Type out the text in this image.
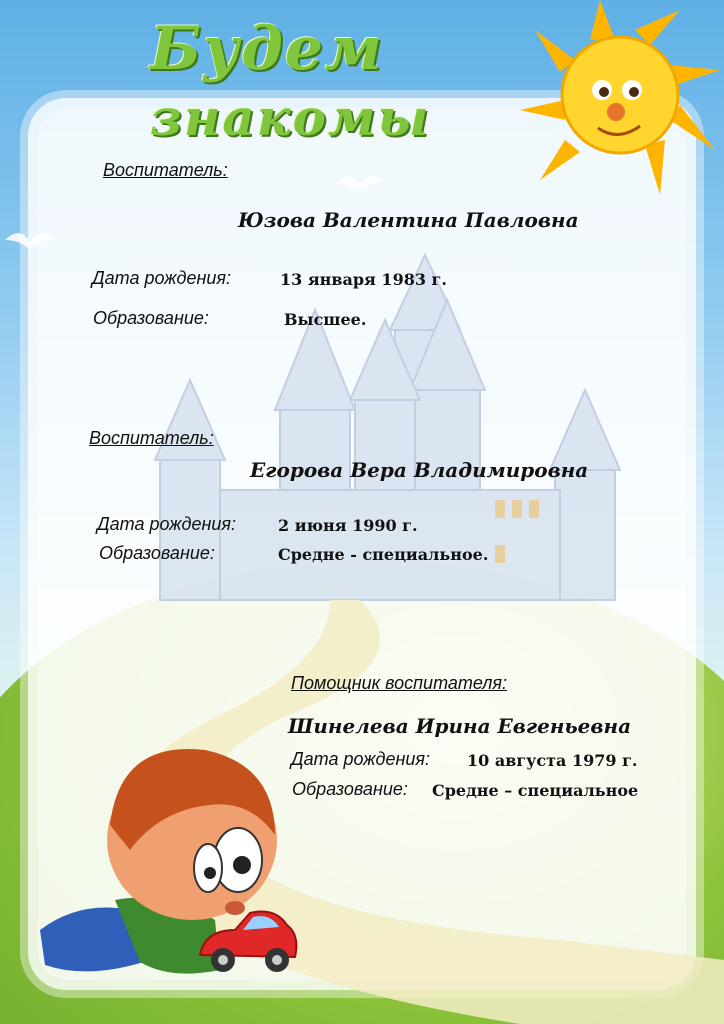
Будем
знакомы
Воспитатель:
Юзова Валентина Павловна
Дата рождения:	13 января 1983 г.
Образование:	Высшее.
Воспитатель:
Егорова Вера Владимировна
Дата рождения:	2 июня 1990 г.
Образование:	Средне - специальное.
Помощник воспитателя:
Шинелева Ирина Евгеньевна
Дата рождения: 10 августа 1979 г.
Образование: Средне – специальное
